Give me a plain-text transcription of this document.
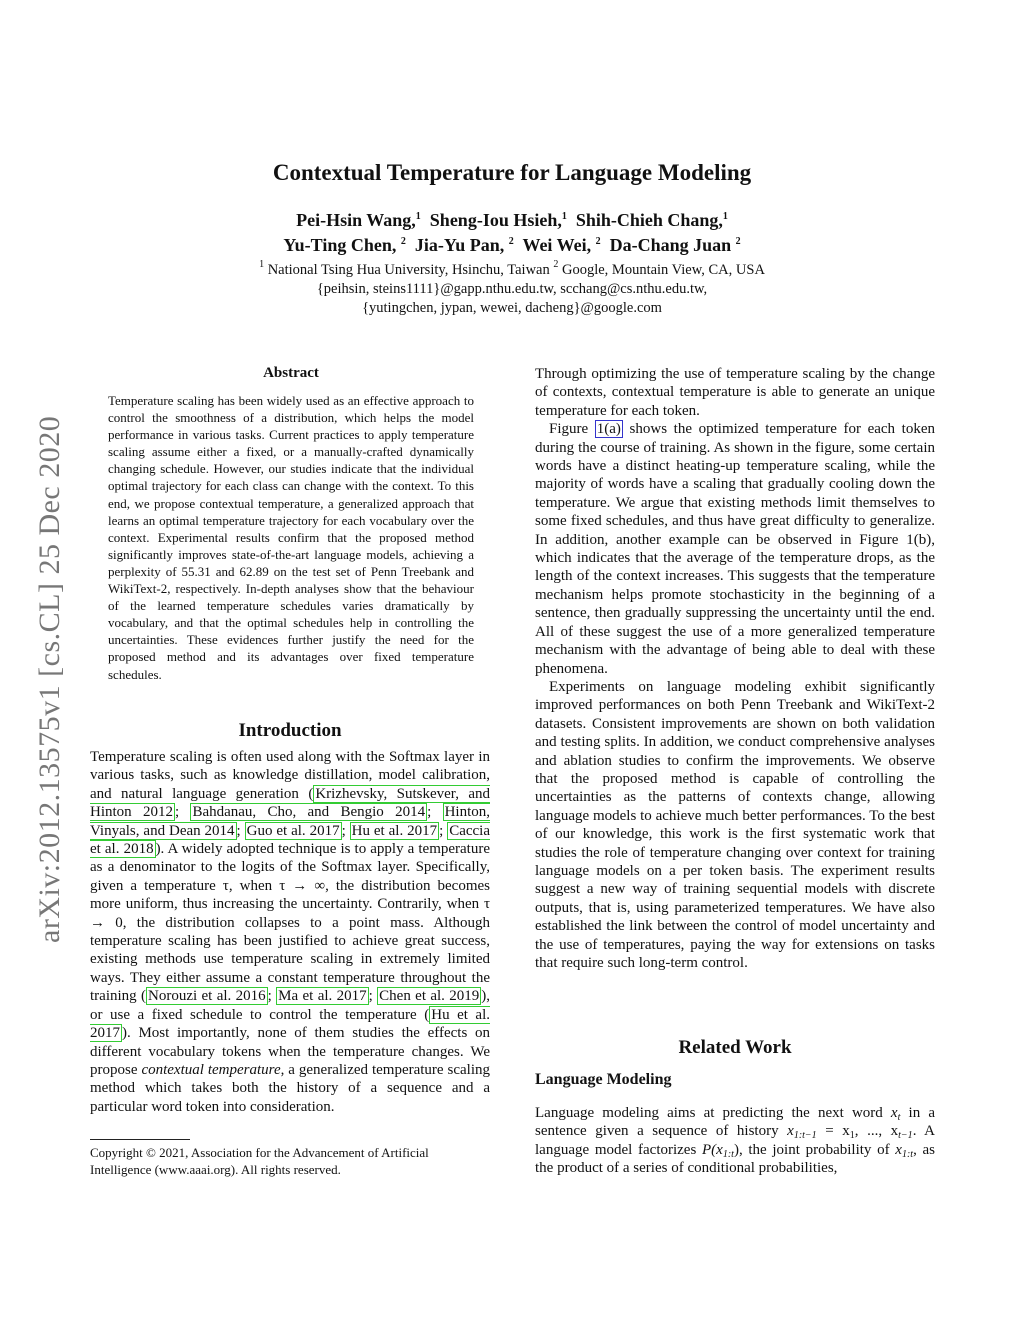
Contextual Temperature for Language Modeling
Pei-Hsin Wang,$^1$ Sheng-Iou Hsieh,$^1$ Shih-Chieh Chang,$^1$
Yu-Ting Chen, $^2$ Jia-Yu Pan, $^2$ Wei Wei, $^2$ Da-Chang Juan $^2$
$^1$ National Tsing Hua University, Hsinchu, Taiwan $^2$ Google, Mountain View, CA, USA
{peihsin, steins1111}@gapp.nthu.edu.tw, scchang@cs.nthu.edu.tw,
{yutingchen, jypan, wewei, dacheng}@google.com
arXiv:2012.13575v1 [cs.CL] 25 Dec 2020
Abstract
Temperature scaling has been widely used as an effective approach to control the smoothness of a distribution, which helps the model performance in various tasks. Current practices to apply temperature scaling assume either a fixed, or a manually-crafted dynamically changing schedule. However, our studies indicate that the individual optimal trajectory for each class can change with the context. To this end, we propose contextual temperature, a generalized approach that learns an optimal temperature trajectory for each vocabulary over the context. Experimental results confirm that the proposed method significantly improves state-of-the-art language models, achieving a perplexity of 55.31 and 62.89 on the test set of Penn Treebank and WikiText-2, respectively. In-depth analyses show that the behaviour of the learned temperature schedules varies dramatically by vocabulary, and that the optimal schedules help in controlling the uncertainties. These evidences further justify the need for the proposed method and its advantages over fixed temperature schedules.
Introduction

Temperature scaling is often used along with the Softmax layer in various tasks, such as knowledge distillation, model calibration, and natural language generation ( Krizhevsky, Sutskever, and Hinton 2012 ; Bahdanau, Cho, and Bengio 2014 ; Hinton, Vinyals, and Dean 2014 ; Guo et al. 2017 ; Hu et al. 2017 ; Caccia et al. 2018 ). A widely adopted technique is to apply a temperature as a denominator to the logits of the Softmax layer. Specifically, given a temperature τ, when τ → ∞, the distribution becomes more uniform, thus increasing the uncertainty. Contrarily, when τ → 0, the distribution collapses to a point mass. Although temperature scaling has been justified to achieve great success, existing methods use temperature scaling in extremely limited ways. They either assume a constant temperature throughout the training ( Norouzi et al. 2016 ; Ma et al. 2017 ; Chen et al. 2019 ), or use a fixed schedule to control the temperature ( Hu et al. 2017 ). Most importantly, none of them studies the effects on different vocabulary tokens when the temperature changes. We propose contextual temperature, a generalized temperature scaling method which takes both the history of a sequence and a particular word token into consideration.

Copyright © 2021, Association for the Advancement of Artificial Intelligence (www.aaai.org). All rights reserved.

Through optimizing the use of temperature scaling by the change of contexts, contextual temperature is able to generate an unique temperature for each token.

Figure 1(a) shows the optimized temperature for each token during the course of training. As shown in the figure, some certain words have a distinct heating-up temperature scaling, while the majority of words have a scaling that gradually cooling down the temperature. We argue that existing methods limit themselves to some fixed schedules, and thus have great difficulty to generalize. In addition, another example can be observed in Figure 1(b), which indicates that the average of the temperature drops, as the length of the context increases. This suggests that the temperature mechanism helps promote stochasticity in the beginning of a sentence, then gradually suppressing the uncertainty until the end. All of these suggest the use of a more generalized temperature mechanism with the advantage of being able to deal with these phenomena.

Experiments on language modeling exhibit significantly improved performances on both Penn Treebank and WikiText-2 datasets. Consistent improvements are shown on both validation and testing splits. In addition, we conduct comprehensive analyses and ablation studies to confirm the improvements. We observe that the proposed method is capable of controlling the uncertainties as the patterns of contexts change, allowing language models to achieve much better performances. To the best of our knowledge, this work is the first systematic work that studies the role of temperature changing over context for training language models on a per token basis. The experiment results suggest a new way of training sequential models with discrete outputs, that is, using parameterized temperatures. We have also established the link between the control of model uncertainty and the use of temperatures, paying the way for extensions on tasks that require such long-term control.

Related Work
Language Modeling

Language modeling aims at predicting the next word $x_t$ in a sentence given a sequence of history $x_{1:t-1} = x_1$, ..., $x_{t-1}$. A language model factorizes $P(x_{1:t})$, the joint probability of $x_{1:t}$, as the product of a series of conditional probabilities,
